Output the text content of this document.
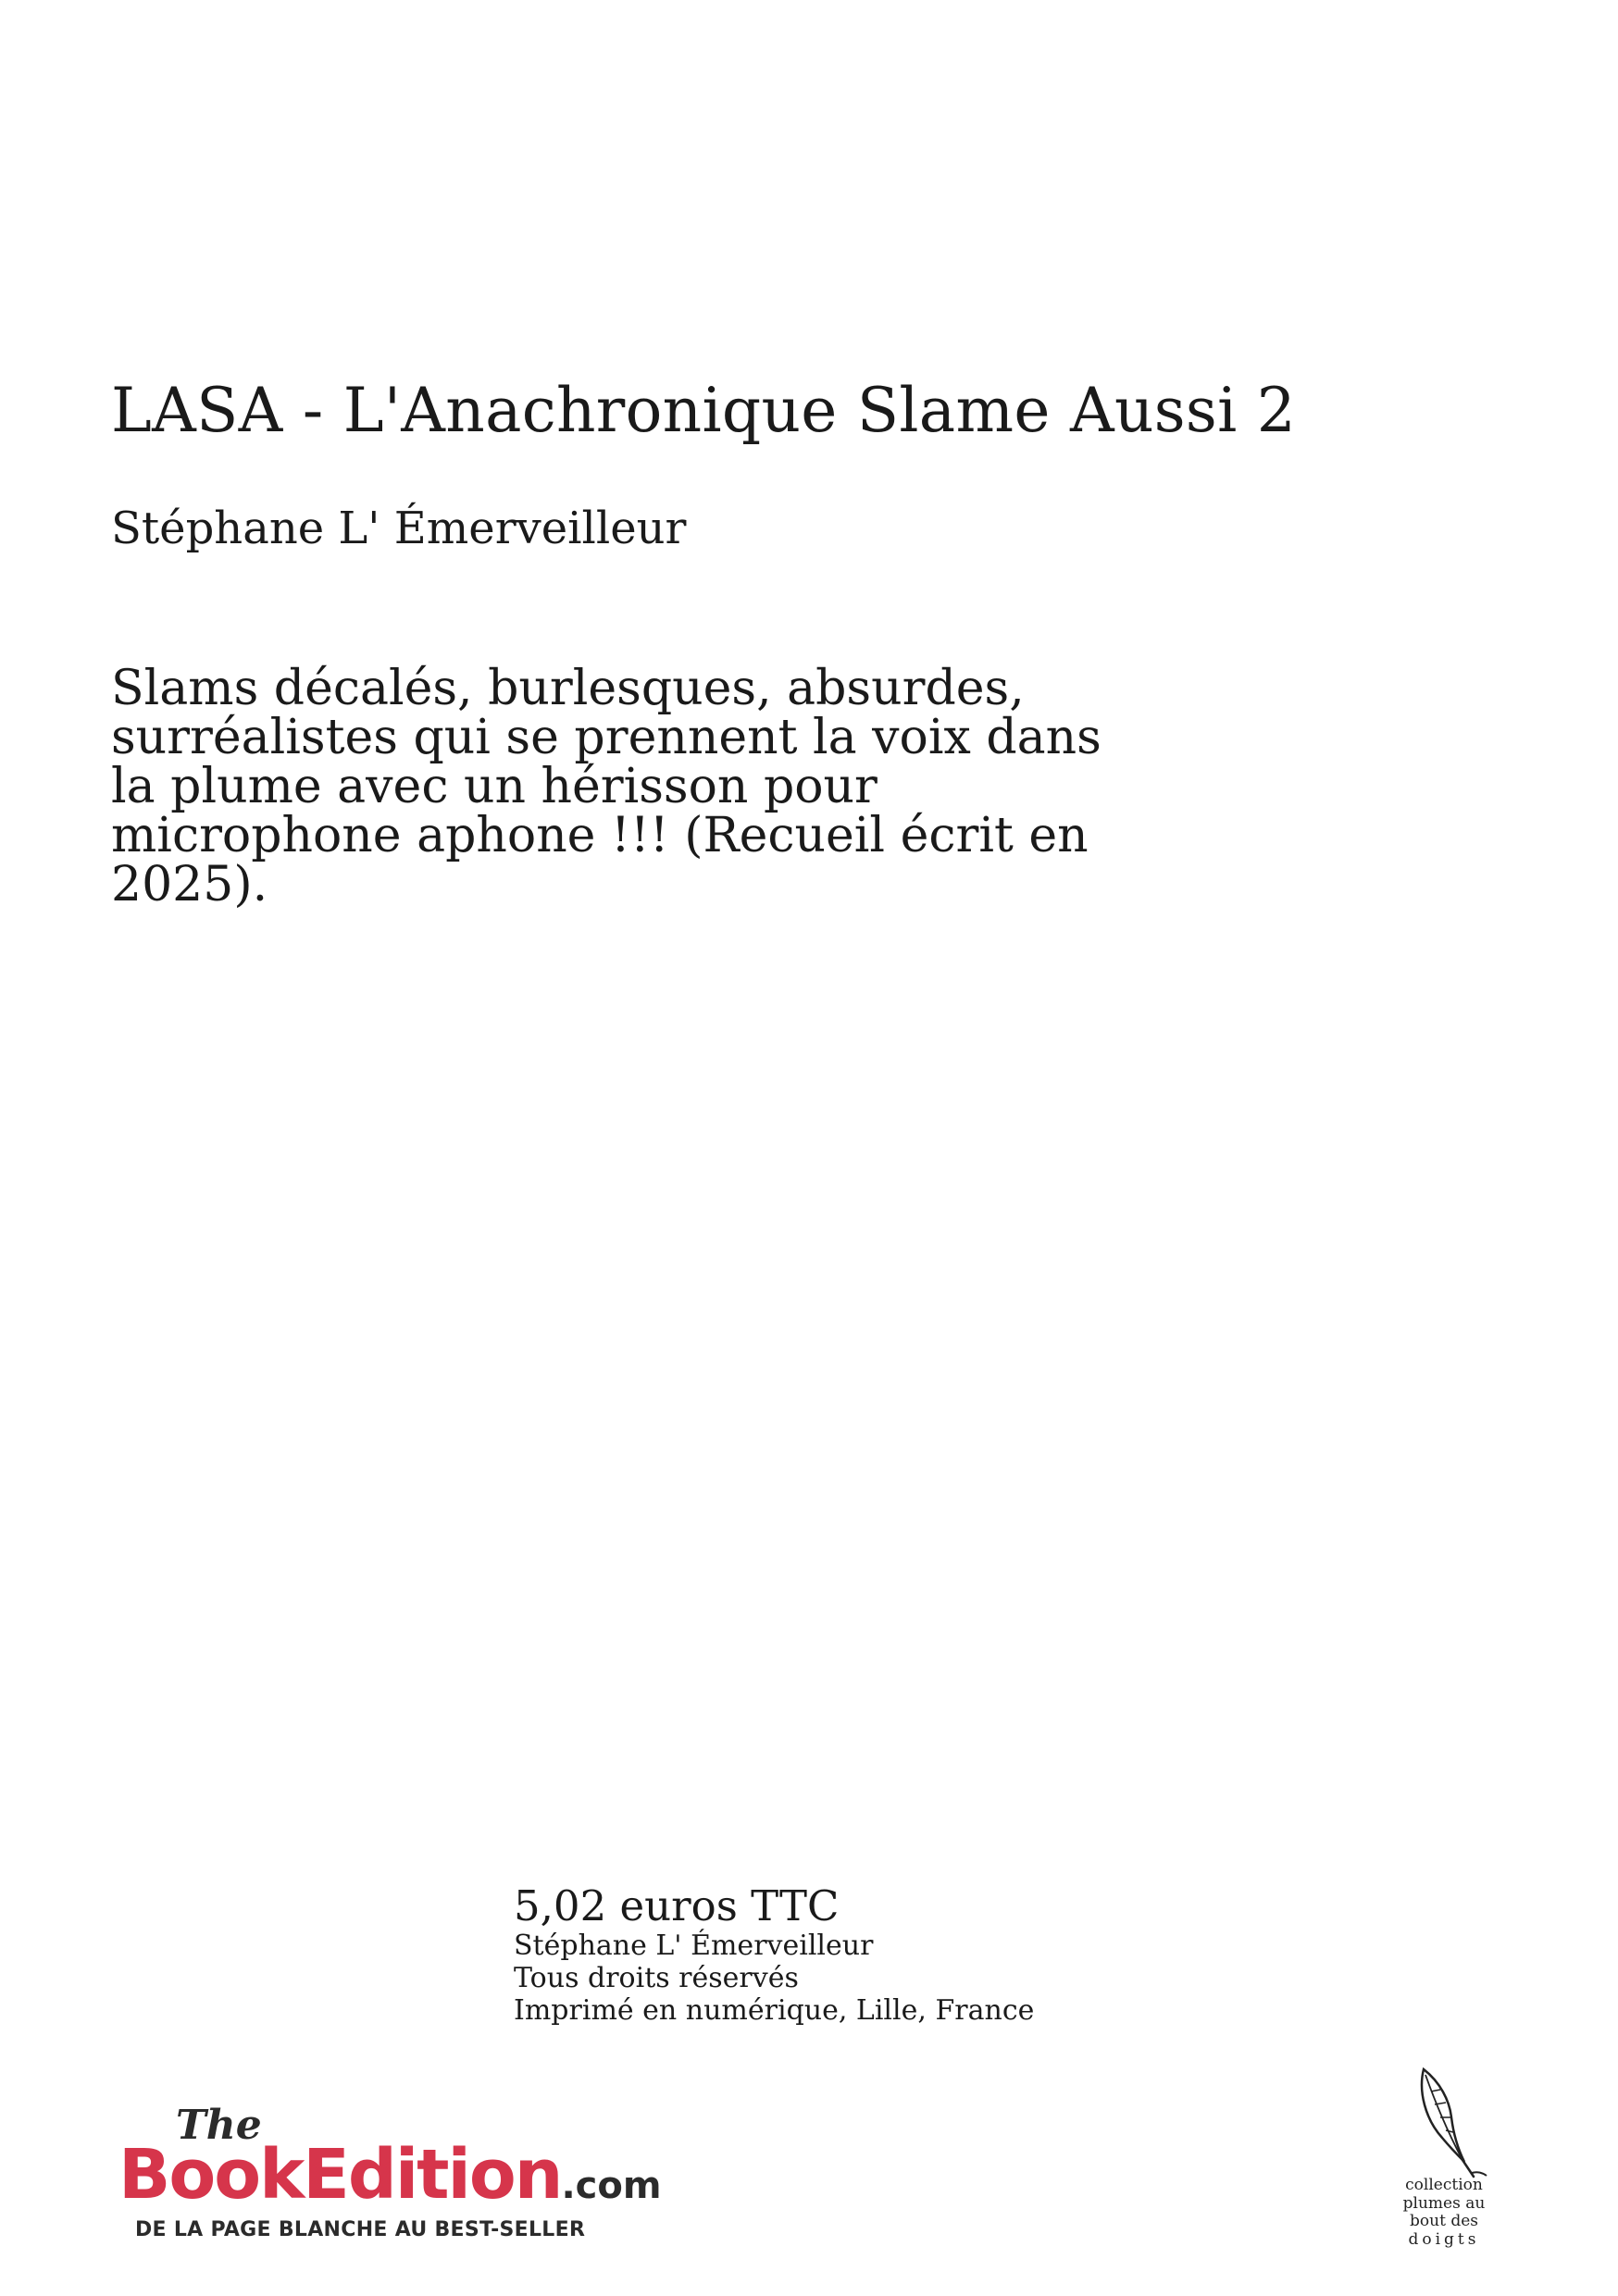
LASA - L'Anachronique Slame Aussi 2
Stéphane L' Émerveilleur
Slams décalés, burlesques, absurdes, surréalistes qui se prennent la voix dans la plume avec un hérisson pour microphone aphone !!! (Recueil écrit en 2025).
5,02 euros TTC
Stéphane L' Émerveilleur
Tous droits réservés
Imprimé en numérique, Lille, France
The
BookEdition.com
DE LA PAGE BLANCHE AU BEST-SELLER
collection
plumes au
bout des
doigts
